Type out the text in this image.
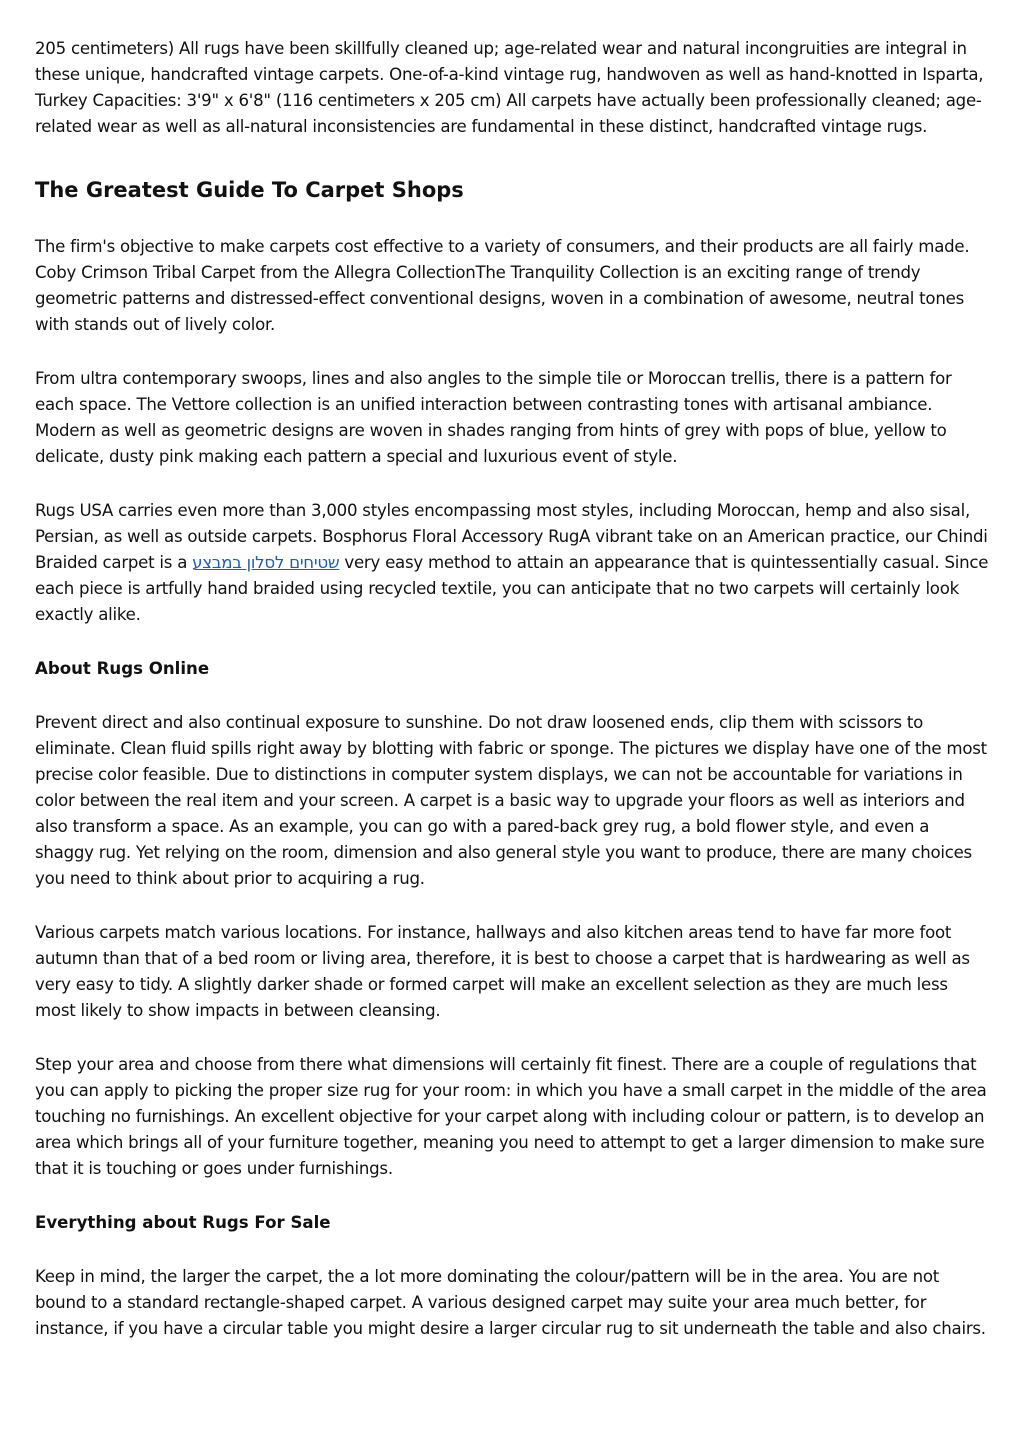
205 centimeters) All rugs have been skillfully cleaned up; age-related wear and natural incongruities are integral in these unique, handcrafted vintage carpets. One-of-a-kind vintage rug, handwoven as well as hand-knotted in Isparta, Turkey Capacities: 3'9" x 6'8" (116 centimeters x 205 cm) All carpets have actually been professionally cleaned; age-related wear as well as all-natural inconsistencies are fundamental in these distinct, handcrafted vintage rugs.

The Greatest Guide To Carpet Shops

The firm's objective to make carpets cost effective to a variety of consumers, and their products are all fairly made. Coby Crimson Tribal Carpet from the Allegra CollectionThe Tranquility Collection is an exciting range of trendy geometric patterns and distressed-effect conventional designs, woven in a combination of awesome, neutral tones with stands out of lively color.

From ultra contemporary swoops, lines and also angles to the simple tile or Moroccan trellis, there is a pattern for each space. The Vettore collection is an unified interaction between contrasting tones with artisanal ambiance. Modern as well as geometric designs are woven in shades ranging from hints of grey with pops of blue, yellow to delicate, dusty pink making each pattern a special and luxurious event of style.

Rugs USA carries even more than 3,000 styles encompassing most styles, including Moroccan, hemp and also sisal, Persian, as well as outside carpets. Bosphorus Floral Accessory RugA vibrant take on an American practice, our Chindi Braided carpet is a שטיחים לסלון במבצע very easy method to attain an appearance that is quintessentially casual. Since each piece is artfully hand braided using recycled textile, you can anticipate that no two carpets will certainly look exactly alike.

About Rugs Online

Prevent direct and also continual exposure to sunshine. Do not draw loosened ends, clip them with scissors to eliminate. Clean fluid spills right away by blotting with fabric or sponge. The pictures we display have one of the most precise color feasible. Due to distinctions in computer system displays, we can not be accountable for variations in color between the real item and your screen. A carpet is a basic way to upgrade your floors as well as interiors and also transform a space. As an example, you can go with a pared-back grey rug, a bold flower style, and even a shaggy rug. Yet relying on the room, dimension and also general style you want to produce, there are many choices you need to think about prior to acquiring a rug.

Various carpets match various locations. For instance, hallways and also kitchen areas tend to have far more foot autumn than that of a bed room or living area, therefore, it is best to choose a carpet that is hardwearing as well as very easy to tidy. A slightly darker shade or formed carpet will make an excellent selection as they are much less most likely to show impacts in between cleansing.

Step your area and choose from there what dimensions will certainly fit finest. There are a couple of regulations that you can apply to picking the proper size rug for your room: in which you have a small carpet in the middle of the area touching no furnishings. An excellent objective for your carpet along with including colour or pattern, is to develop an area which brings all of your furniture together, meaning you need to attempt to get a larger dimension to make sure that it is touching or goes under furnishings.

Everything about Rugs For Sale

Keep in mind, the larger the carpet, the a lot more dominating the colour/pattern will be in the area. You are not bound to a standard rectangle-shaped carpet. A various designed carpet may suite your area much better, for instance, if you have a circular table you might desire a larger circular rug to sit underneath the table and also chairs.
